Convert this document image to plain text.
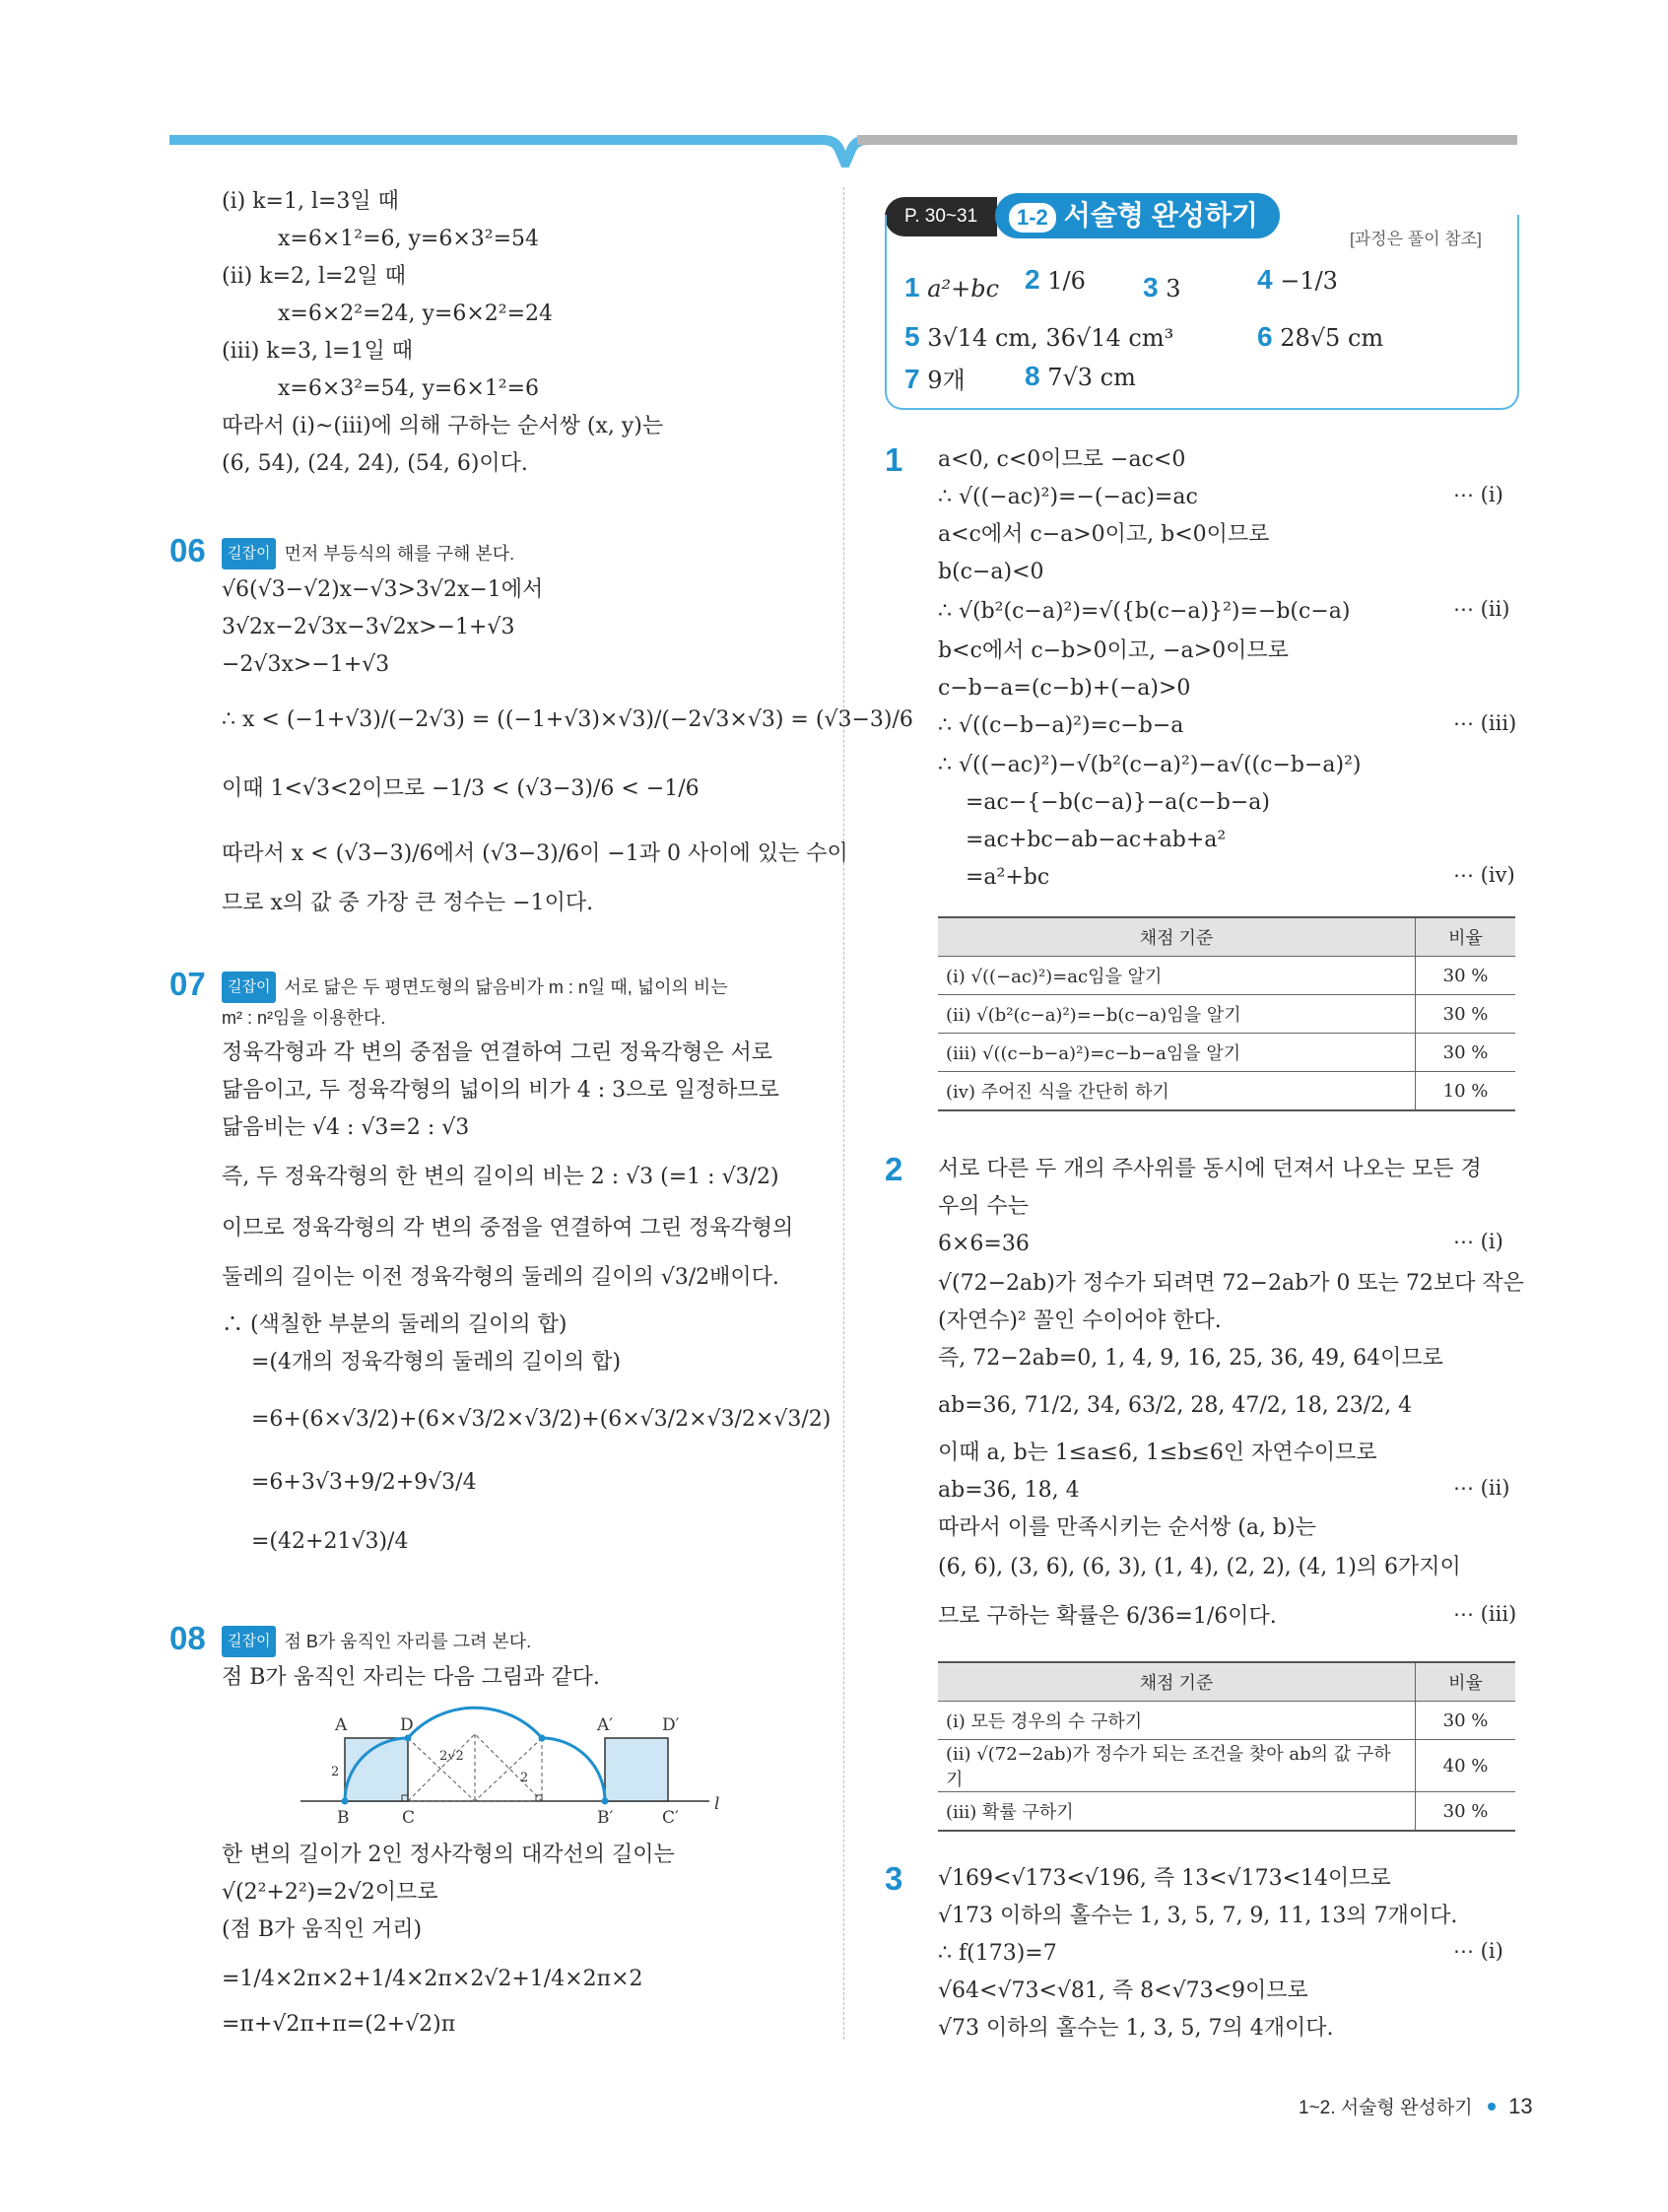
(ⅰ) k=1, l=3일 때
x=6×1²=6, y=6×3²=54
(ⅱ) k=2, l=2일 때
x=6×2²=24, y=6×2²=24
(ⅲ) k=3, l=1일 때
x=6×3²=54, y=6×1²=6
따라서 (ⅰ)~(ⅲ)에 의해 구하는 순서쌍 (x, y)는
(6, 54), (24, 24), (54, 6)이다.
06	길잡이 먼저 부등식의 해를 구해 본다.
√6(√3−√2)x−√3>3√2x−1에서
3√2x−2√3x−3√2x>−1+√3
−2√3x>−1+√3
∴ x < (−1+√3)/(−2√3) = ((−1+√3)×√3)/(−2√3×√3) = (√3−3)/6
이때 1<√3<2이므로 −1/3 < (√3−3)/6 < −1/6
따라서 x < (√3−3)/6에서 (√3−3)/6이 −1과 0 사이에 있는 수이
므로 x의 값 중 가장 큰 정수는 −1이다.
07	길잡이 서로 닮은 두 평면도형의 닮음비가 m : n일 때, 넓이의 비는
m² : n²임을 이용한다.
정육각형과 각 변의 중점을 연결하여 그린 정육각형은 서로
닮음이고, 두 정육각형의 넓이의 비가 4 : 3으로 일정하므로
닮음비는 √4 : √3=2 : √3
즉, 두 정육각형의 한 변의 길이의 비는 2 : √3 (=1 : √3/2)
이므로 정육각형의 각 변의 중점을 연결하여 그린 정육각형의
둘레의 길이는 이전 정육각형의 둘레의 길이의 √3/2배이다.
∴ (색칠한 부분의 둘레의 길이의 합)
=(4개의 정육각형의 둘레의 길이의 합)
=6+(6×√3/2)+(6×√3/2×√3/2)+(6×√3/2×√3/2×√3/2)
=6+3√3+9/2+9√3/4
=(42+21√3)/4
08	길잡이 점 B가 움직인 자리를 그려 본다.
점 B가 움직인 자리는 다음 그림과 같다.
A	D	A′	D′
B	C	B′	C′
l
2	2
2√2
한 변의 길이가 2인 정사각형의 대각선의 길이는
√(2²+2²)=2√2이므로
(점 B가 움직인 거리)
=1/4×2π×2+1/4×2π×2√2+1/4×2π×2
=π+√2π+π=(2+√2)π
P. 30~31	1-2 서술형 완성하기
[과정은 풀이 참조]
1 a²+bc 2 1/6 3 3	4 −1/3
5 3√14 cm, 36√14 cm³	6 28√5 cm
7 9개 8 7√3 cm
1 a<0, c<0이므로 −ac<0
∴ √((−ac)²)=−(−ac)=ac
a<c에서 c−a>0이고, b<0이므로
b(c−a)<0
∴ √(b²(c−a)²)=√({b(c−a)}²)=−b(c−a)
b<c에서 c−b>0이고, −a>0이므로
c−b−a=(c−b)+(−a)>0
∴ √((c−b−a)²)=c−b−a
∴ √((−ac)²)−√(b²(c−a)²)−a√((c−b−a)²)
=ac−{−b(c−a)}−a(c−b−a)
=ac+bc−ab−ac+ab+a²
=a²+bc
⋯ (ⅰ)
⋯ (ⅱ)
⋯ (ⅲ)
⋯ (ⅳ)
채점 기준	비율
(ⅰ) √((−ac)²)=ac임을 알기	30 %
(ⅱ) √(b²(c−a)²)=−b(c−a)임을 알기	30 %
(ⅲ) √((c−b−a)²)=c−b−a임을 알기	30 %
(ⅳ) 주어진 식을 간단히 하기	10 %
2 서로 다른 두 개의 주사위를 동시에 던져서 나오는 모든 경
우의 수는
6×6=36
√(72−2ab)가 정수가 되려면 72−2ab가 0 또는 72보다 작은
(자연수)² 꼴인 수이어야 한다.
즉, 72−2ab=0, 1, 4, 9, 16, 25, 36, 49, 64이므로
ab=36, 71/2, 34, 63/2, 28, 47/2, 18, 23/2, 4
이때 a, b는 1≤a≤6, 1≤b≤6인 자연수이므로
ab=36, 18, 4
따라서 이를 만족시키는 순서쌍 (a, b)는
(6, 6), (3, 6), (6, 3), (1, 4), (2, 2), (4, 1)의 6가지이
므로 구하는 확률은 6/36=1/6이다.
⋯ (ⅰ)
⋯ (ⅱ)
⋯ (ⅲ)
채점 기준	비율
(ⅰ) 모든 경우의 수 구하기	30 %
(ⅱ) √(72−2ab)가 정수가 되는 조건을 찾아 ab의 값 구하기	40 %
(ⅲ) 확률 구하기	30 %
3 √169<√173<√196, 즉 13<√173<14이므로
√173 이하의 홀수는 1, 3, 5, 7, 9, 11, 13의 7개이다.
∴ f(173)=7
√64<√73<√81, 즉 8<√73<9이므로
√73 이하의 홀수는 1, 3, 5, 7의 4개이다.
⋯ (ⅰ)
1~2. 서술형 완성하기 13
